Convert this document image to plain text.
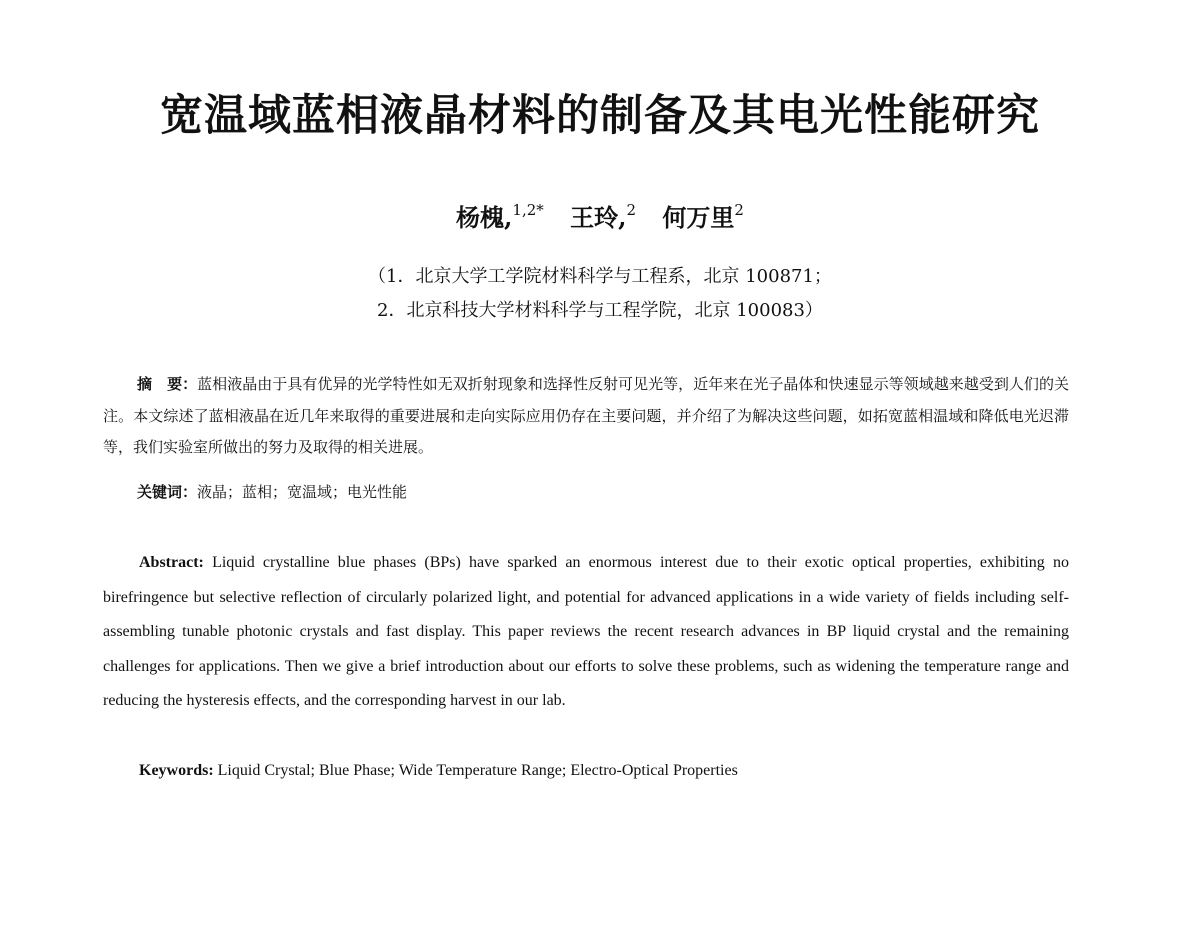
宽温域蓝相液晶材料的制备及其电光性能研究
杨槐,$^{1,2*}$ 王玲,$^2$ 何万里$^2$
（1．北京大学工学院材料科学与工程系，北京 100871；
2．北京科技大学材料科学与工程学院，北京 100083）
摘　要：蓝相液晶由于具有优异的光学特性如无双折射现象和选择性反射可见光等，近年来在光子晶体和快速显示等领域越来越受到人们的关注。本文综述了蓝相液晶在近几年来取得的重要进展和走向实际应用仍存在主要问题，并介绍了为解决这些问题，如拓宽蓝相温域和降低电光迟滞等，我们实验室所做出的努力及取得的相关进展。
关键词：液晶；蓝相；宽温域；电光性能
Abstract: Liquid crystalline blue phases (BPs) have sparked an enormous interest due to their exotic optical properties, exhibiting no birefringence but selective reflection of circularly polarized light, and potential for advanced applications in a wide variety of fields including self-assembling tunable photonic crystals and fast display. This paper reviews the recent research advances in BP liquid crystal and the remaining challenges for applications. Then we give a brief introduction about our efforts to solve these problems, such as widening the temperature range and reducing the hysteresis effects, and the corresponding harvest in our lab.
Keywords: Liquid Crystal; Blue Phase; Wide Temperature Range; Electro-Optical Properties
